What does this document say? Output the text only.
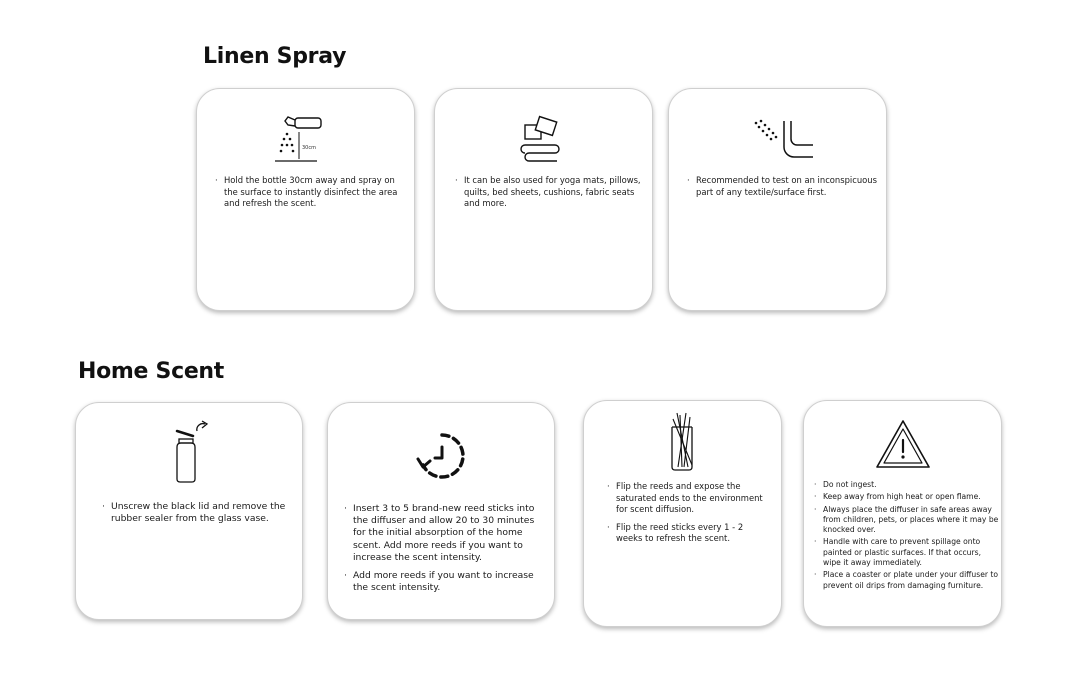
Linen Spray
30cm
· Hold the bottle 30cm away and spray on the surface to instantly disinfect the area and refresh the scent.
· It can be also used for yoga mats, pillows, quilts, bed sheets, cushions, fabric seats and more.
· Recommended to test on an inconspicuous part of any textile/surface first.
Home Scent
· Unscrew the black lid and remove the rubber sealer from the glass vase.
· Insert 3 to 5 brand-new reed sticks into the diffuser and allow 20 to 30 minutes for the initial absorption of the home scent. Add more reeds if you want to increase the scent intensity.
· Add more reeds if you want to increase the scent intensity.
· Flip the reeds and expose the saturated ends to the environment for scent diffusion.
· Flip the reed sticks every 1 - 2 weeks to refresh the scent.
· Do not ingest.
· Keep away from high heat or open flame.
· Always place the diffuser in safe areas away from children, pets, or places where it may be knocked over.
· Handle with care to prevent spillage onto painted or plastic surfaces. If that occurs, wipe it away immediately.
· Place a coaster or plate under your diffuser to prevent oil drips from damaging furniture.
